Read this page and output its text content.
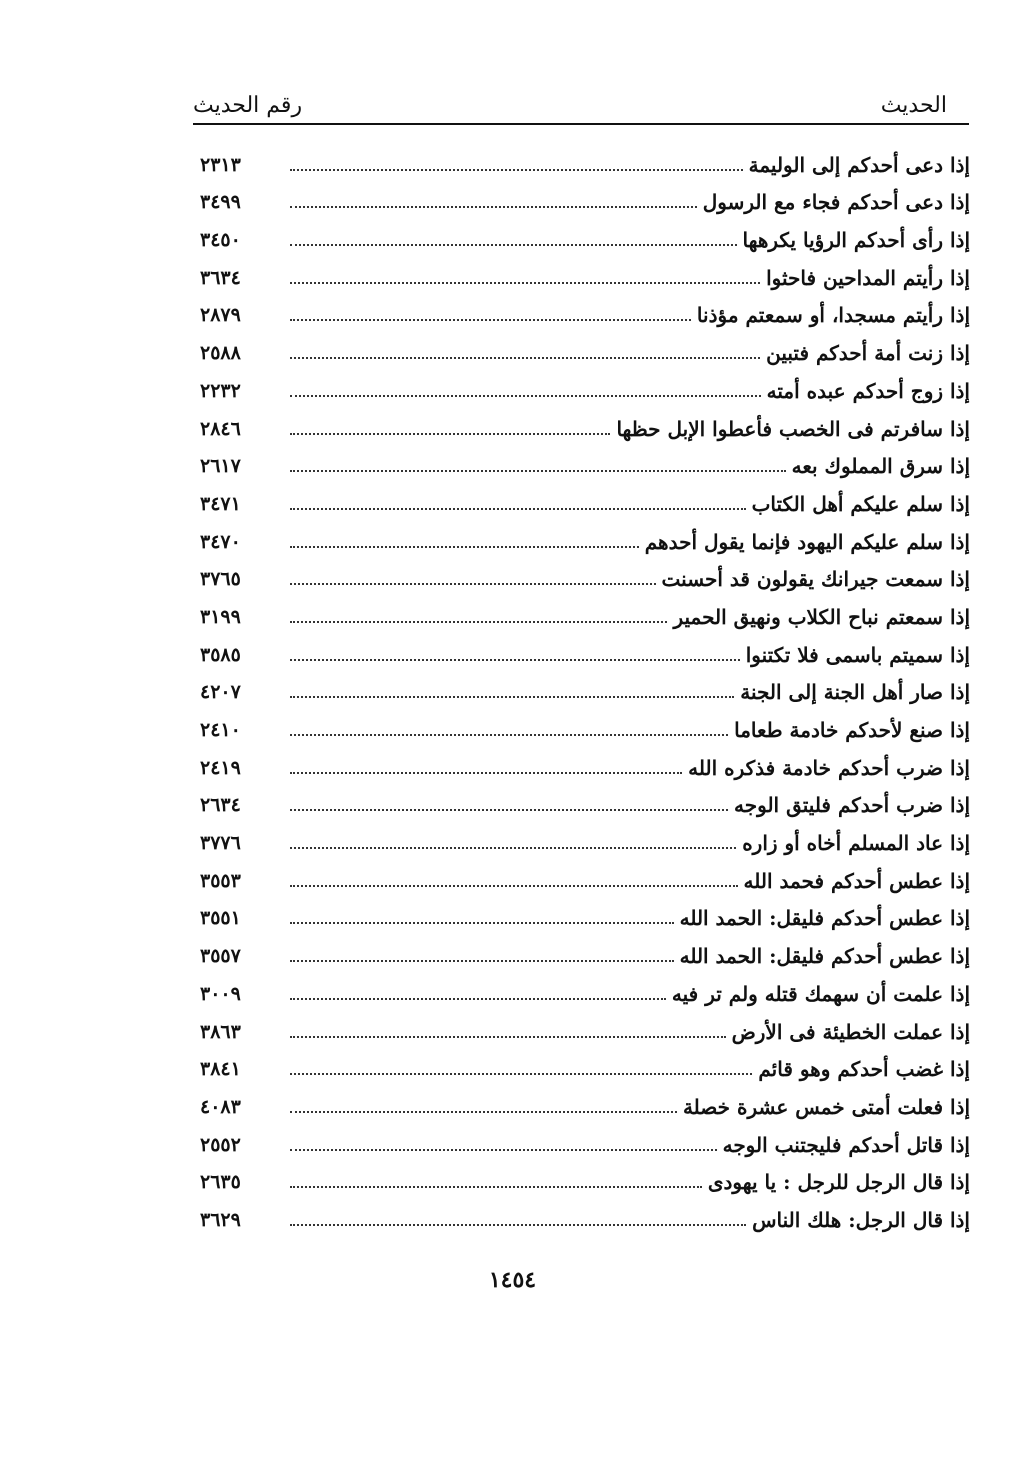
الحديث
رقم الحديث
إذا دعى أحدكم إلى الوليمة
٢٣١٣
إذا دعى أحدكم فجاء مع الرسول
٣٤٩٩
إذا رأى أحدكم الرؤيا يكرهها
٣٤٥٠
إذا رأيتم المداحين فاحثوا
٣٦٣٤
إذا رأيتم مسجدا، أو سمعتم مؤذنا
٢٨٧٩
إذا زنت أمة أحدكم فتبين
٢٥٨٨
إذا زوج أحدكم عبده أمته
٢٢٣٢
إذا سافرتم فى الخصب فأعطوا الإبل حظها
٢٨٤٦
إذا سرق المملوك بعه
٢٦١٧
إذا سلم عليكم أهل الكتاب
٣٤٧١
إذا سلم عليكم اليهود فإنما يقول أحدهم
٣٤٧٠
إذا سمعت جيرانك يقولون قد أحسنت
٣٧٦٥
إذا سمعتم نباح الكلاب ونهيق الحمير
٣١٩٩
إذا سميتم باسمى فلا تكتنوا
٣٥٨٥
إذا صار أهل الجنة إلى الجنة
٤٢٠٧
إذا صنع لأحدكم خادمة طعاما
٢٤١٠
إذا ضرب أحدكم خادمة فذكره الله
٢٤١٩
إذا ضرب أحدكم فليتق الوجه
٢٦٣٤
إذا عاد المسلم أخاه أو زاره
٣٧٧٦
إذا عطس أحدكم فحمد الله
٣٥٥٣
إذا عطس أحدكم فليقل: الحمد الله
٣٥٥١
إذا عطس أحدكم فليقل: الحمد الله
٣٥٥٧
إذا علمت أن سهمك قتله ولم تر فيه
٣٠٠٩
إذا عملت الخطيئة فى الأرض
٣٨٦٣
إذا غضب أحدكم وهو قائم
٣٨٤١
إذا فعلت أمتى خمس عشرة خصلة
٤٠٨٣
إذا قاتل أحدكم فليجتنب الوجه
٢٥٥٢
إذا قال الرجل للرجل : يا يهودى
٢٦٣٥
إذا قال الرجل: هلك الناس
٣٦٢٩
١٤٥٤
